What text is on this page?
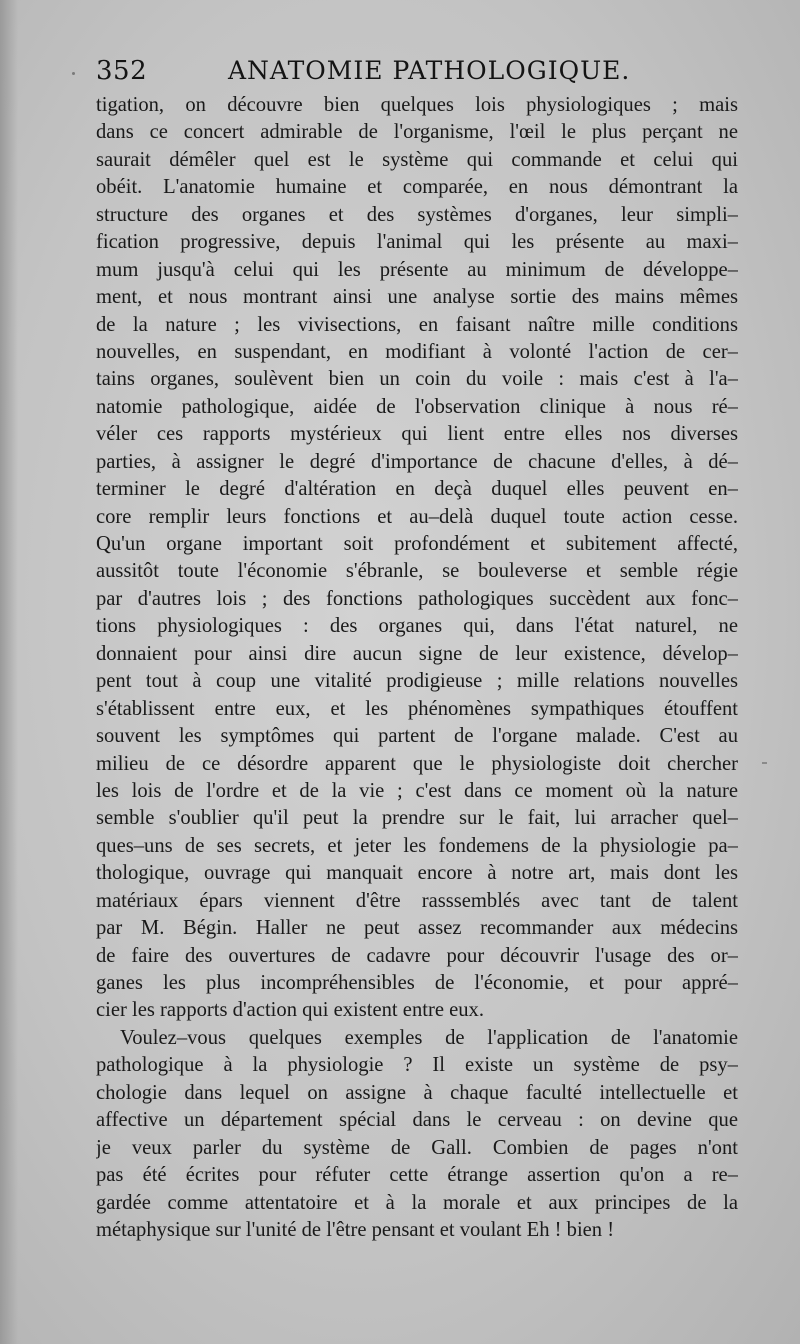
352	ANATOMIE PATHOLOGIQUE.
tigation, on découvre bien quelques lois physiologiques ; mais
dans ce concert admirable de l'organisme, l'œil le plus perçant ne
saurait démêler quel est le système qui commande et celui qui
obéit. L'anatomie humaine et comparée, en nous démontrant la
structure des organes et des systèmes d'organes, leur simpli–
fication progressive, depuis l'animal qui les présente au maxi–
mum jusqu'à celui qui les présente au minimum de développe–
ment, et nous montrant ainsi une analyse sortie des mains mêmes
de la nature ; les vivisections, en faisant naître mille conditions
nouvelles, en suspendant, en modifiant à volonté l'action de cer–
tains organes, soulèvent bien un coin du voile : mais c'est à l'a–
natomie pathologique, aidée de l'observation clinique à nous ré–
véler ces rapports mystérieux qui lient entre elles nos diverses
parties, à assigner le degré d'importance de chacune d'elles, à dé–
terminer le degré d'altération en deçà duquel elles peuvent en–
core remplir leurs fonctions et au–delà duquel toute action cesse.
Qu'un organe important soit profondément et subitement affecté,
aussitôt toute l'économie s'ébranle, se bouleverse et semble régie
par d'autres lois ; des fonctions pathologiques succèdent aux fonc–
tions physiologiques : des organes qui, dans l'état naturel, ne
donnaient pour ainsi dire aucun signe de leur existence, dévelop–
pent tout à coup une vitalité prodigieuse ; mille relations nouvelles
s'établissent entre eux, et les phénomènes sympathiques étouffent
souvent les symptômes qui partent de l'organe malade. C'est au
milieu de ce désordre apparent que le physiologiste doit chercher
les lois de l'ordre et de la vie ; c'est dans ce moment où la nature
semble s'oublier qu'il peut la prendre sur le fait, lui arracher quel–
ques–uns de ses secrets, et jeter les fondemens de la physiologie pa–
thologique, ouvrage qui manquait encore à notre art, mais dont les
matériaux épars viennent d'être rasssemblés avec tant de talent
par M. Bégin. Haller ne peut assez recommander aux médecins
de faire des ouvertures de cadavre pour découvrir l'usage des or–
ganes les plus incompréhensibles de l'économie, et pour appré–
cier les rapports d'action qui existent entre eux.
Voulez–vous quelques exemples de l'application de l'anatomie
pathologique à la physiologie ? Il existe un système de psy–
chologie dans lequel on assigne à chaque faculté intellectuelle et
affective un département spécial dans le cerveau : on devine que
je veux parler du système de Gall. Combien de pages n'ont
pas été écrites pour réfuter cette étrange assertion qu'on a re–
gardée comme attentatoire et à la morale et aux principes de la
métaphysique sur l'unité de l'être pensant et voulant Eh ! bien !
